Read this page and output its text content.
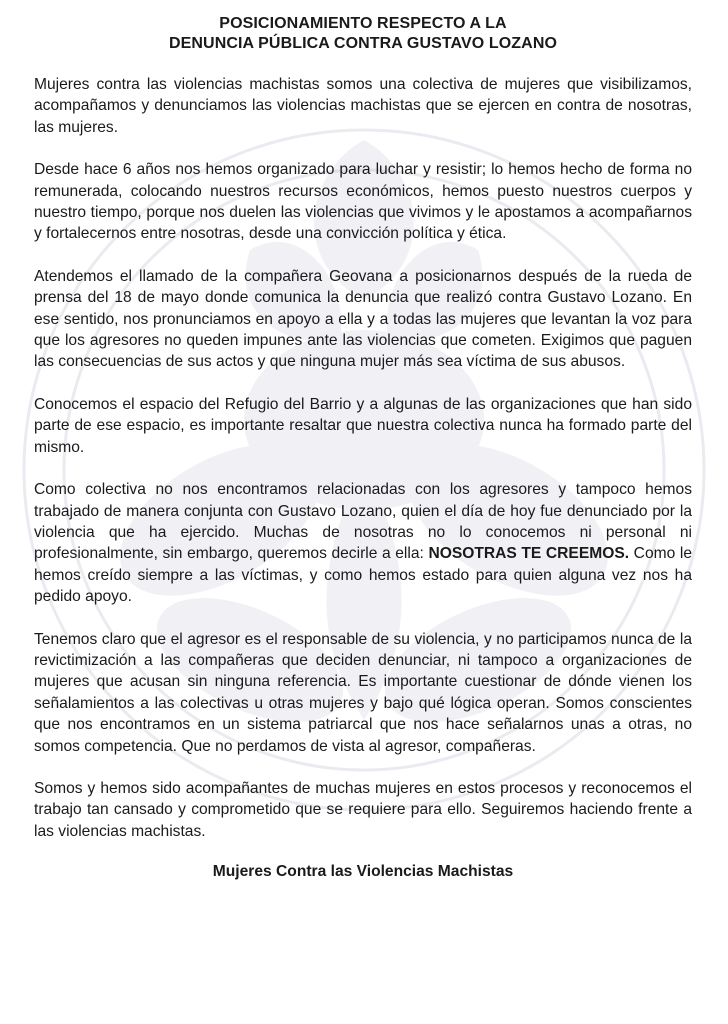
POSICIONAMIENTO RESPECTO A LA
DENUNCIA PÚBLICA CONTRA GUSTAVO LOZANO

Mujeres contra las violencias machistas somos una colectiva de mujeres que visibilizamos, acompañamos y denunciamos las violencias machistas que se ejercen en contra de nosotras, las mujeres.

Desde hace 6 años nos hemos organizado para luchar y resistir; lo hemos hecho de forma no remunerada, colocando nuestros recursos económicos, hemos puesto nuestros cuerpos y nuestro tiempo, porque nos duelen las violencias que vivimos y le apostamos a acompañarnos y fortalecernos entre nosotras, desde una convicción política y ética.

Atendemos el llamado de la compañera Geovana a posicionarnos después de la rueda de prensa del 18 de mayo donde comunica la denuncia que realizó contra Gustavo Lozano. En ese sentido, nos pronunciamos en apoyo a ella y a todas las mujeres que levantan la voz para que los agresores no queden impunes ante las violencias que cometen. Exigimos que paguen las consecuencias de sus actos y que ninguna mujer más sea víctima de sus abusos.

Conocemos el espacio del Refugio del Barrio y a algunas de las organizaciones que han sido parte de ese espacio, es importante resaltar que nuestra colectiva nunca ha formado parte del mismo.

Como colectiva no nos encontramos relacionadas con los agresores y tampoco hemos trabajado de manera conjunta con Gustavo Lozano, quien el día de hoy fue denunciado por la violencia que ha ejercido. Muchas de nosotras no lo conocemos ni personal ni profesionalmente, sin embargo, queremos decirle a ella: NOSOTRAS TE CREEMOS. Como le hemos creído siempre a las víctimas, y como hemos estado para quien alguna vez nos ha pedido apoyo.

Tenemos claro que el agresor es el responsable de su violencia, y no participamos nunca de la revictimización a las compañeras que deciden denunciar, ni tampoco a organizaciones de mujeres que acusan sin ninguna referencia. Es importante cuestionar de dónde vienen los señalamientos a las colectivas u otras mujeres y bajo qué lógica operan. Somos conscientes que nos encontramos en un sistema patriarcal que nos hace señalarnos unas a otras, no somos competencia. Que no perdamos de vista al agresor, compañeras.

Somos y hemos sido acompañantes de muchas mujeres en estos procesos y reconocemos el trabajo tan cansado y comprometido que se requiere para ello. Seguiremos haciendo frente a las violencias machistas.

Mujeres Contra las Violencias Machistas
